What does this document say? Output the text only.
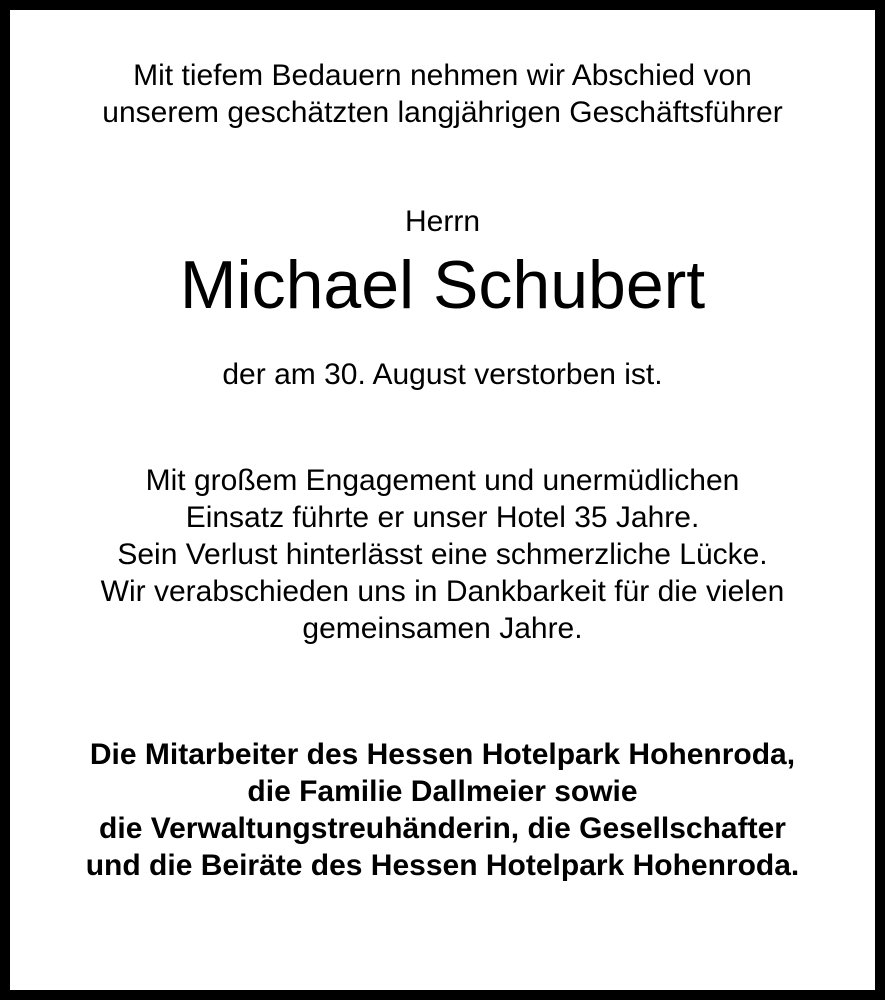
Mit tiefem Bedauern nehmen wir Abschied von
unserem geschätzten langjährigen Geschäftsführer
Herrn
Michael Schubert
der am 30. August verstorben ist.
Mit großem Engagement und unermüdlichen
Einsatz führte er unser Hotel 35 Jahre.
Sein Verlust hinterlässt eine schmerzliche Lücke.
Wir verabschieden uns in Dankbarkeit für die vielen
gemeinsamen Jahre.
Die Mitarbeiter des Hessen Hotelpark Hohenroda,
die Familie Dallmeier sowie
die Verwaltungstreuhänderin, die Gesellschafter
und die Beiräte des Hessen Hotelpark Hohenroda.
